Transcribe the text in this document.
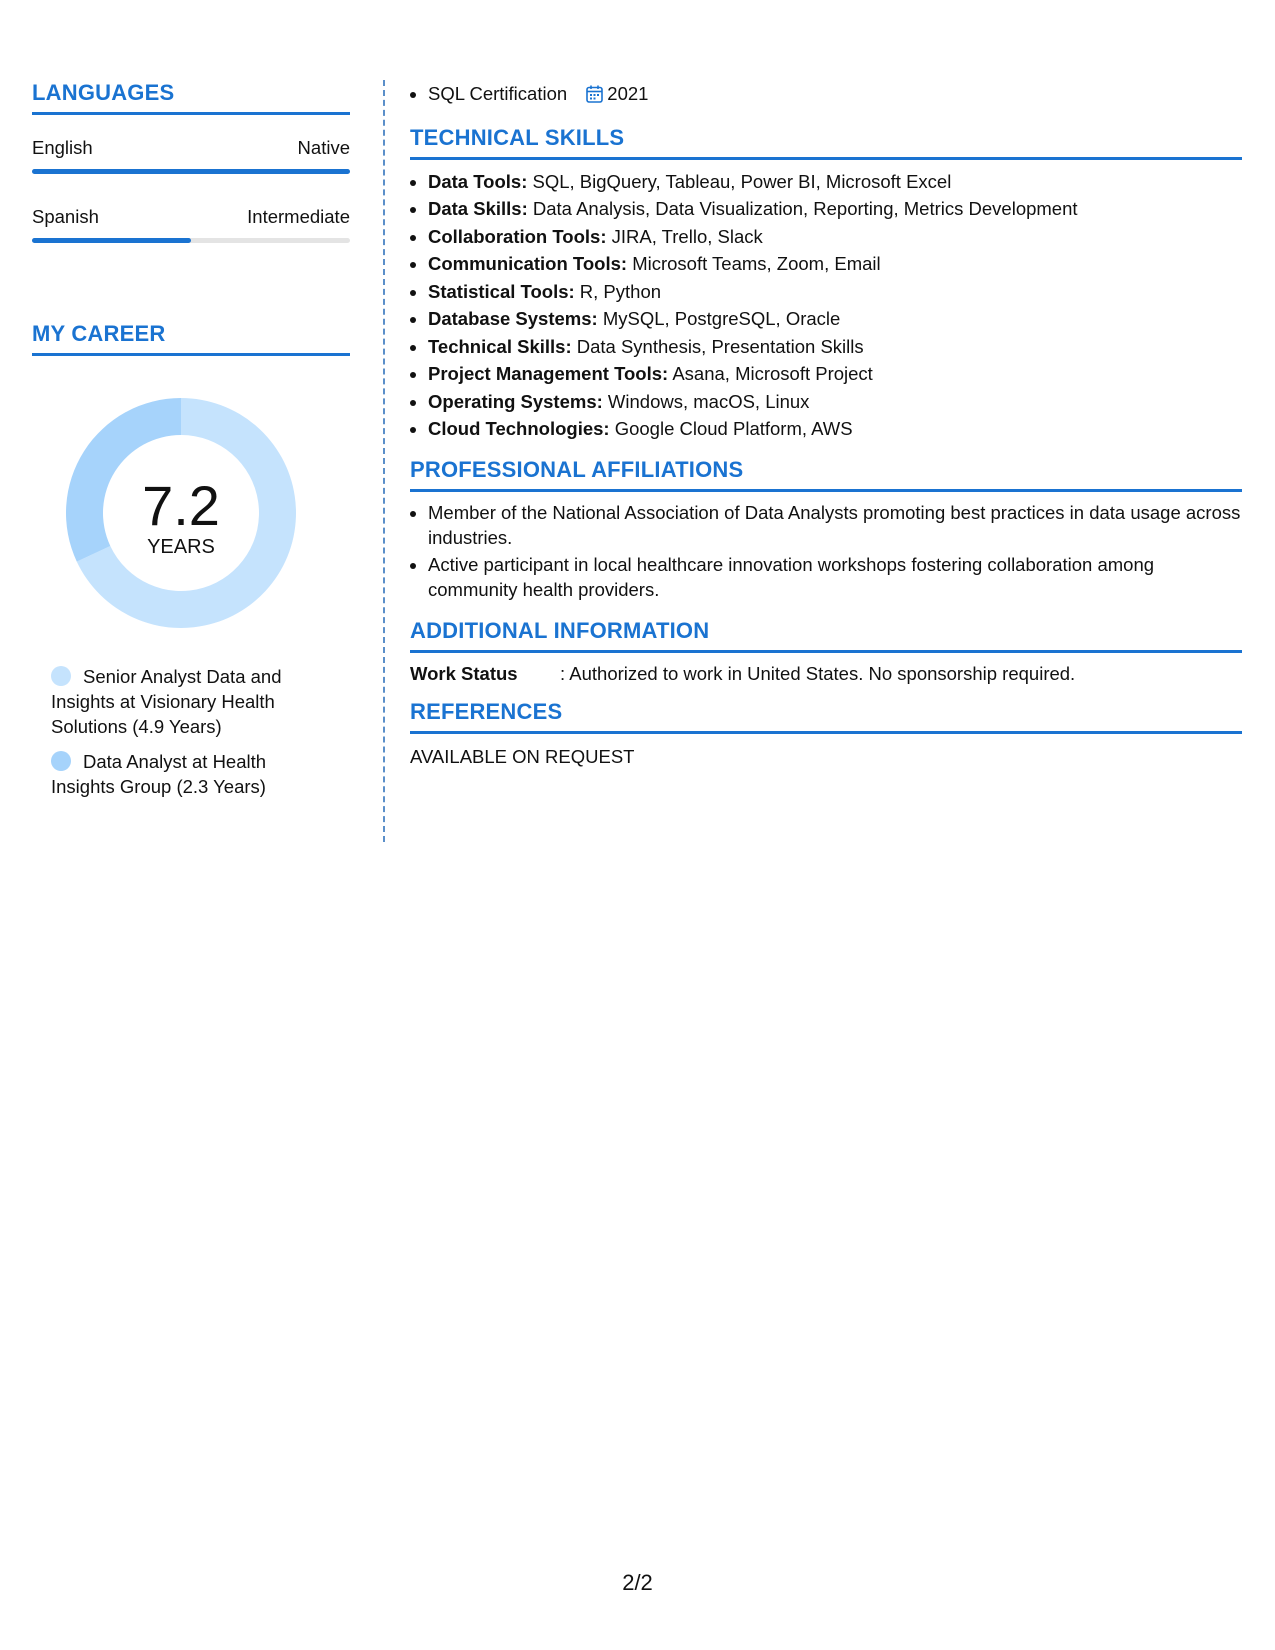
LANGUAGES
English	Native
Spanish	Intermediate
MY CAREER
7.2
YEARS
Senior Analyst Data and Insights at Visionary Health Solutions (4.9 Years)
Data Analyst at Health Insights Group (2.3 Years)
• SQL Certification 2021
TECHNICAL SKILLS
• Data Tools: SQL, BigQuery, Tableau, Power BI, Microsoft Excel
• Data Skills: Data Analysis, Data Visualization, Reporting, Metrics Development
• Collaboration Tools: JIRA, Trello, Slack
• Communication Tools: Microsoft Teams, Zoom, Email
• Statistical Tools: R, Python
• Database Systems: MySQL, PostgreSQL, Oracle
• Technical Skills: Data Synthesis, Presentation Skills
• Project Management Tools: Asana, Microsoft Project
• Operating Systems: Windows, macOS, Linux
• Cloud Technologies: Google Cloud Platform, AWS
PROFESSIONAL AFFILIATIONS
• Member of the National Association of Data Analysts promoting best practices in data usage across industries.
• Active participant in local healthcare innovation workshops fostering collaboration among community health providers.
ADDITIONAL INFORMATION
Work Status	: Authorized to work in United States. No sponsorship required.
REFERENCES
AVAILABLE ON REQUEST
2/2
